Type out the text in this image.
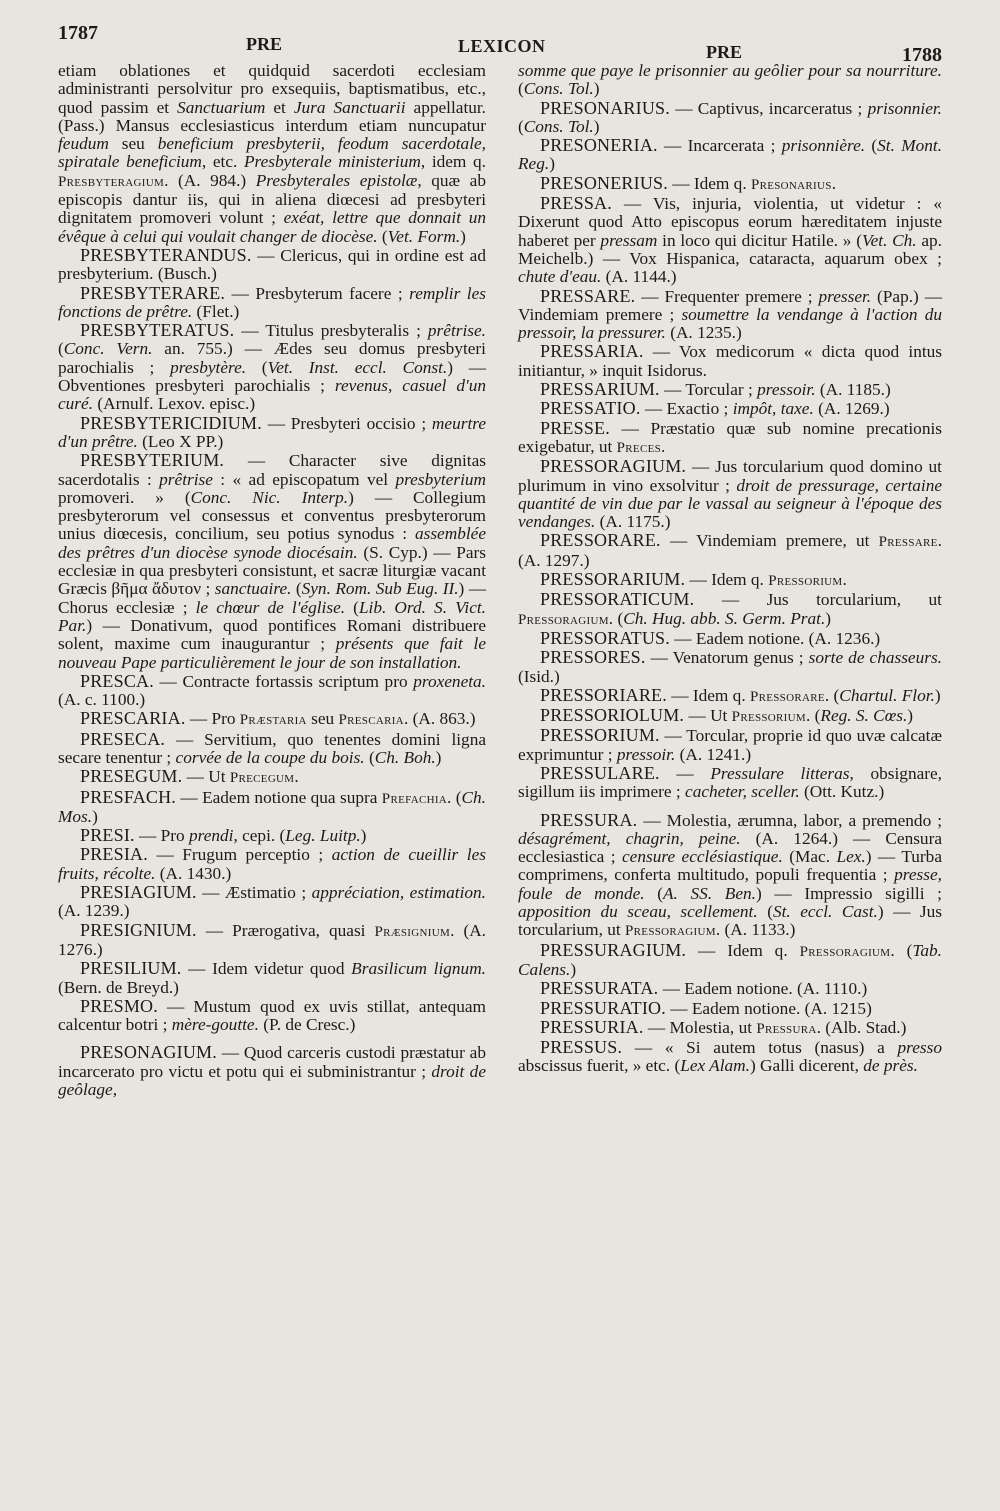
1787	PRE	LEXICON	PRE	1788

etiam oblationes et quidquid sacerdoti ecclesiam administranti persolvitur pro exsequiis, baptismatibus, etc., quod passim et Sanctuarium et Jura Sanctuarii appellatur. (Pass.) Mansus ecclesiasticus interdum etiam nuncupatur feudum seu beneficium presbyterii, feodum sacerdotale, spiratale beneficium, etc. Presbyterale ministerium, idem q. Presbyteragium. (A. 984.) Presbyterales epistolæ, quæ ab episcopis dantur iis, qui in aliena diœcesi ad presbyteri dignitatem promoveri volunt ; exéat, lettre que donnait un évêque à celui qui voulait changer de diocèse. (Vet. Form.)

PRESBYTERANDUS. — Clericus, qui in ordine est ad presbyterium. (Busch.)

PRESBYTERARE. — Presbyterum facere ; remplir les fonctions de prêtre. (Flet.)

PRESBYTERATUS. — Titulus presbyteralis ; prêtrise. (Conc. Vern. an. 755.) — Ædes seu domus presbyteri parochialis ; presbytère. (Vet. Inst. eccl. Const.) — Obventiones presbyteri parochialis ; revenus, casuel d'un curé. (Arnulf. Lexov. episc.)

PRESBYTERICIDIUM. — Presbyteri occisio ; meurtre d'un prêtre. (Leo X PP.)

PRESBYTERIUM. — Character sive dignitas sacerdotalis : prêtrise : « ad episcopatum vel presbyterium promoveri. » (Conc. Nic. Interp.) — Collegium presbyterorum vel consessus et conventus presbyterorum unius diœcesis, concilium, seu potius synodus : assemblée des prêtres d'un diocèse synode diocésain. (S. Cyp.) — Pars ecclesiæ in qua presbyteri consistunt, et sacræ liturgiæ vacant Græcis βῆμα ἄδυτον ; sanctuaire. (Syn. Rom. Sub Eug. II.) — Chorus ecclesiæ ; le chœur de l'église. (Lib. Ord. S. Vict. Par.) — Donativum, quod pontifices Romani distribuere solent, maxime cum inaugurantur ; présents que fait le nouveau Pape particulièrement le jour de son installation.

PRESCA. — Contracte fortassis scriptum pro proxeneta. (A. c. 1100.)

PRESCARIA. — Pro Præstaria seu Prescaria. (A. 863.)

PRESECA. — Servitium, quo tenentes domini ligna secare tenentur ; corvée de la coupe du bois. (Ch. Boh.)

PRESEGUM. — Ut Precegum.

PRESFACH. — Eadem notione qua supra Prefachia. (Ch. Mos.)

PRESI. — Pro prendi, cepi. (Leg. Luitp.)

PRESIA. — Frugum perceptio ; action de cueillir les fruits, récolte. (A. 1430.)

PRESIAGIUM. — Æstimatio ; appréciation, estimation. (A. 1239.)

PRESIGNIUM. — Prærogativa, quasi Præsignium. (A. 1276.)

PRESILIUM. — Idem videtur quod Brasilicum lignum. (Bern. de Breyd.)

PRESMO. — Mustum quod ex uvis stillat, antequam calcentur botri ; mère-goutte. (P. de Cresc.)

PRESONAGIUM. — Quod carceris custodi præstatur ab incarcerato pro victu et potu qui ei subministrantur ; droit de geôlage,

somme que paye le prisonnier au geôlier pour sa nourriture. (Cons. Tol.)

PRESONARIUS. — Captivus, incarceratus ; prisonnier. (Cons. Tol.)

PRESONERIA. — Incarcerata ; prisonnière. (St. Mont. Reg.)

PRESONERIUS. — Idem q. Presonarius.

PRESSA. — Vis, injuria, violentia, ut videtur : « Dixerunt quod Atto episcopus eorum hæreditatem injuste haberet per pressam in loco qui dicitur Hatile. » (Vet. Ch. ap. Meichelb.) — Vox Hispanica, cataracta, aquarum obex ; chute d'eau. (A. 1144.)

PRESSARE. — Frequenter premere ; presser. (Pap.) — Vindemiam premere ; soumettre la vendange à l'action du pressoir, la pressurer. (A. 1235.)

PRESSARIA. — Vox medicorum « dicta quod intus initiantur, » inquit Isidorus.

PRESSARIUM. — Torcular ; pressoir. (A. 1185.)

PRESSATIO. — Exactio ; impôt, taxe. (A. 1269.)

PRESSE. — Præstatio quæ sub nomine precationis exigebatur, ut Preces.

PRESSORAGIUM. — Jus torcularium quod domino ut plurimum in vino exsolvitur ; droit de pressurage, certaine quantité de vin due par le vassal au seigneur à l'époque des vendanges. (A. 1175.)

PRESSORARE. — Vindemiam premere, ut Pressare. (A. 1297.)

PRESSORARIUM. — Idem q. Pressorium.

PRESSORATICUM. — Jus torcularium, ut Pressoragium. (Ch. Hug. abb. S. Germ. Prat.)

PRESSORATUS. — Eadem notione. (A. 1236.)

PRESSORES. — Venatorum genus ; sorte de chasseurs. (Isid.)

PRESSORIARE. — Idem q. Pressorare. (Chartul. Flor.)

PRESSORIOLUM. — Ut Pressorium. (Reg. S. Cœs.)

PRESSORIUM. — Torcular, proprie id quo uvæ calcatæ exprimuntur ; pressoir. (A. 1241.)

PRESSULARE. — Pressulare litteras, obsignare, sigillum iis imprimere ; cacheter, sceller. (Ott. Kutz.)

PRESSURA. — Molestia, ærumna, labor, a premendo ; désagrément, chagrin, peine. (A. 1264.) — Censura ecclesiastica ; censure ecclésiastique. (Mac. Lex.) — Turba comprimens, conferta multitudo, populi frequentia ; presse, foule de monde. (A. SS. Ben.) — Impressio sigilli ; apposition du sceau, scellement. (St. eccl. Cast.) — Jus torcularium, ut Pressoragium. (A. 1133.)

PRESSURAGIUM. — Idem q. Pressoragium. (Tab. Calens.)

PRESSURATA. — Eadem notione. (A. 1110.)

PRESSURATIO. — Eadem notione. (A. 1215)

PRESSURIA. — Molestia, ut Pressura. (Alb. Stad.)

PRESSUS. — « Si autem totus (nasus) a presso abscissus fuerit, » etc. (Lex Alam.) Galli dicerent, de près.
